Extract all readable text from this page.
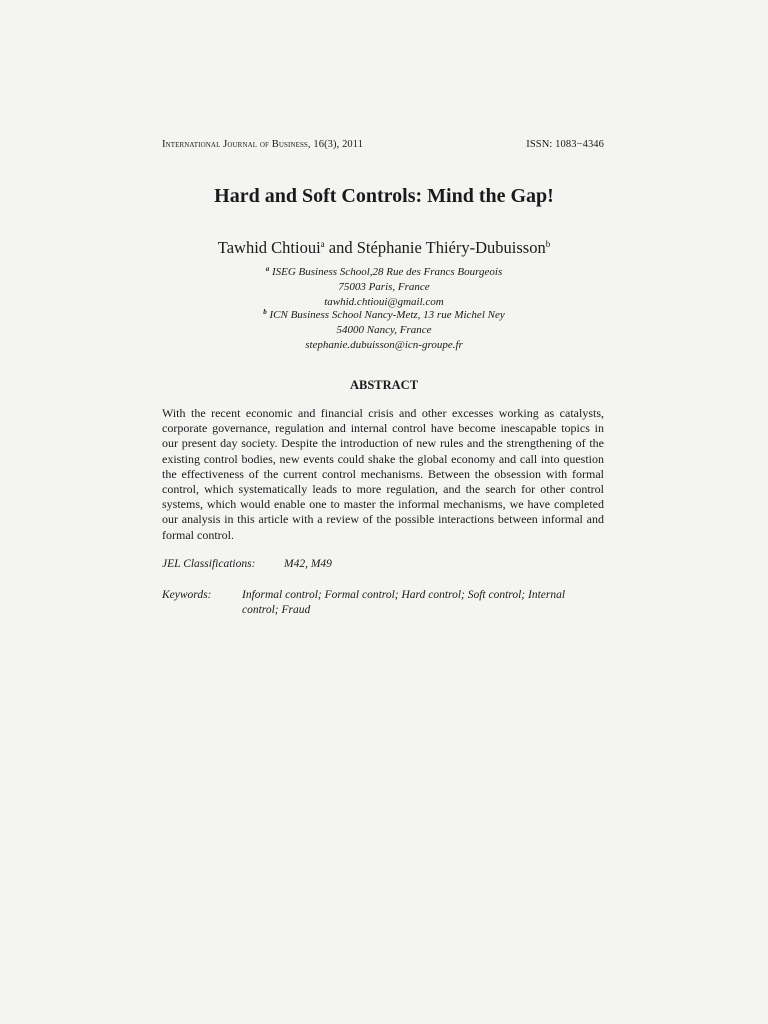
International Journal of Business, 16(3), 2011	ISSN: 1083−4346
Hard and Soft Controls: Mind the Gap!
Tawhid Chtioui$^a$ and Stéphanie Thiéry-Dubuisson$^b$
$^a$ ISEG Business School,28 Rue des Francs Bourgeois
75003 Paris, France
tawhid.chtioui@gmail.com
$^b$ ICN Business School Nancy-Metz, 13 rue Michel Ney
54000 Nancy, France
stephanie.dubuisson@icn-groupe.fr
ABSTRACT

With the recent economic and financial crisis and other excesses working as catalysts, corporate governance, regulation and internal control have become inescapable topics in our present day society. Despite the introduction of new rules and the strengthening of the existing control bodies, new events could shake the global economy and call into question the effectiveness of the current control mechanisms. Between the obsession with formal control, which systematically leads to more regulation, and the search for other control systems, which would enable one to master the informal mechanisms, we have completed our analysis in this article with a review of the possible interactions between informal and formal control.

JEL Classifications: M42, M49
Keywords:	Informal control; Formal control; Hard control; Soft control; Internal control; Fraud
